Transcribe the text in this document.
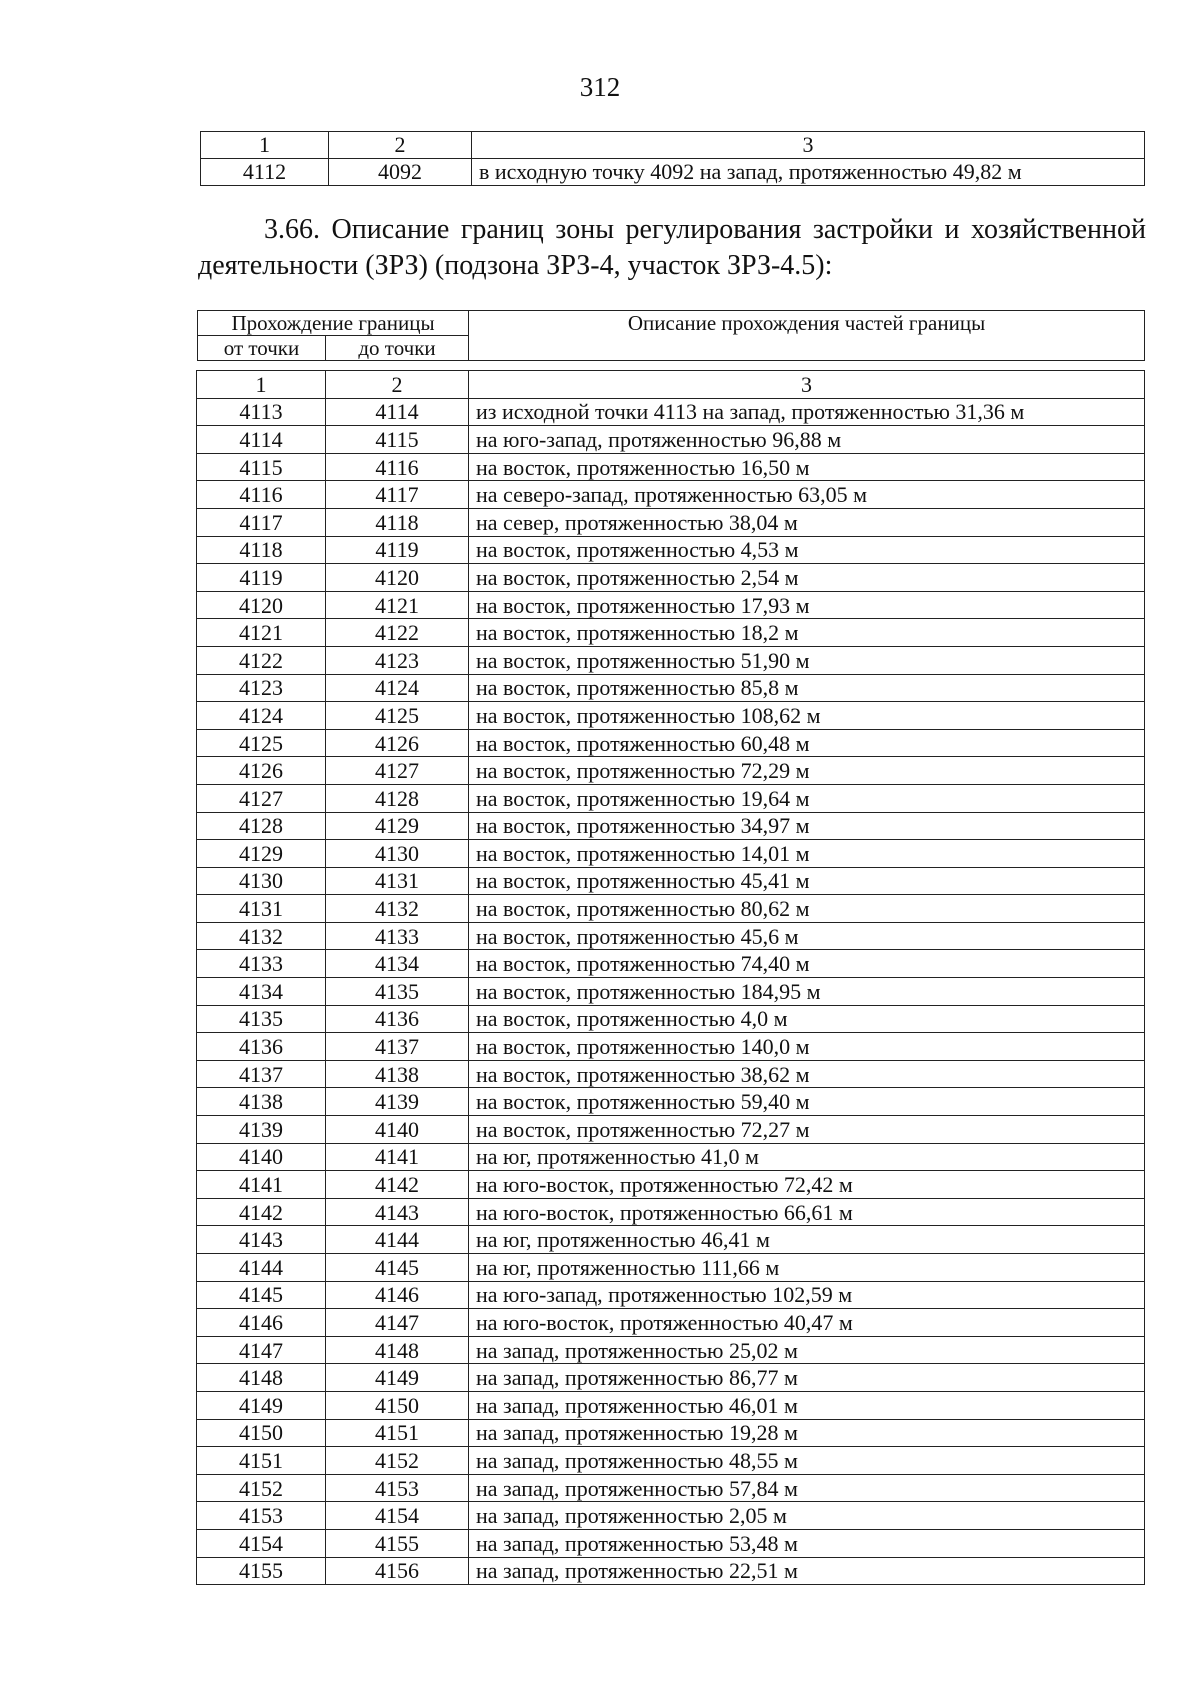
312
1	2	3
4112	4092	в исходную точку 4092 на запад, протяженностью 49,82 м
3.66. Описание границ зоны регулирования застройки и хозяйственной деятельности (ЗРЗ) (подзона ЗРЗ-4, участок ЗРЗ-4.5):
Прохождение границы		Описание прохождения частей границы
от точки	до точки	
1	2	3
4113	4114	из исходной точки 4113 на запад, протяженностью 31,36 м
4114	4115	на юго-запад, протяженностью 96,88 м
4115	4116	на восток, протяженностью 16,50 м
4116	4117	на северо-запад, протяженностью 63,05 м
4117	4118	на север, протяженностью 38,04 м
4118	4119	на восток, протяженностью 4,53 м
4119	4120	на восток, протяженностью 2,54 м
4120	4121	на восток, протяженностью 17,93 м
4121	4122	на восток, протяженностью 18,2 м
4122	4123	на восток, протяженностью 51,90 м
4123	4124	на восток, протяженностью 85,8 м
4124	4125	на восток, протяженностью 108,62 м
4125	4126	на восток, протяженностью 60,48 м
4126	4127	на восток, протяженностью 72,29 м
4127	4128	на восток, протяженностью 19,64 м
4128	4129	на восток, протяженностью 34,97 м
4129	4130	на восток, протяженностью 14,01 м
4130	4131	на восток, протяженностью 45,41 м
4131	4132	на восток, протяженностью 80,62 м
4132	4133	на восток, протяженностью 45,6 м
4133	4134	на восток, протяженностью 74,40 м
4134	4135	на восток, протяженностью 184,95 м
4135	4136	на восток, протяженностью 4,0 м
4136	4137	на восток, протяженностью 140,0 м
4137	4138	на восток, протяженностью 38,62 м
4138	4139	на восток, протяженностью 59,40 м
4139	4140	на восток, протяженностью 72,27 м
4140	4141	на юг, протяженностью 41,0 м
4141	4142	на юго-восток, протяженностью 72,42 м
4142	4143	на юго-восток, протяженностью 66,61 м
4143	4144	на юг, протяженностью 46,41 м
4144	4145	на юг, протяженностью 111,66 м
4145	4146	на юго-запад, протяженностью 102,59 м
4146	4147	на юго-восток, протяженностью 40,47 м
4147	4148	на запад, протяженностью 25,02 м
4148	4149	на запад, протяженностью 86,77 м
4149	4150	на запад, протяженностью 46,01 м
4150	4151	на запад, протяженностью 19,28 м
4151	4152	на запад, протяженностью 48,55 м
4152	4153	на запад, протяженностью 57,84 м
4153	4154	на запад, протяженностью 2,05 м
4154	4155	на запад, протяженностью 53,48 м
4155	4156	на запад, протяженностью 22,51 м
